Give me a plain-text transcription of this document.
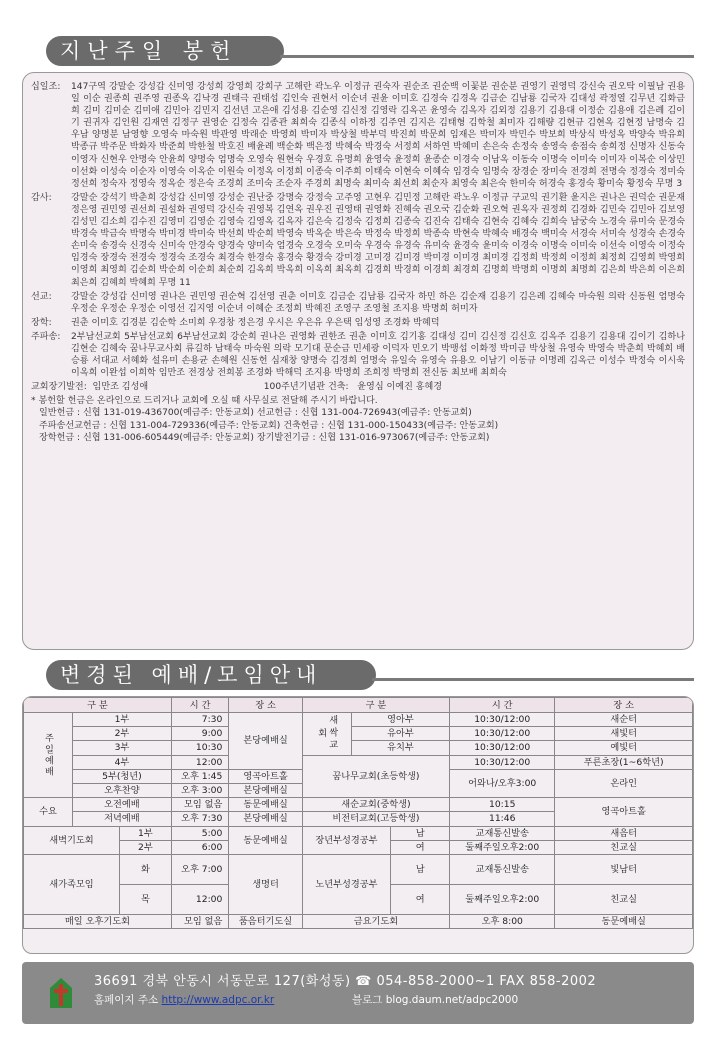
지난주일 봉헌
십일조:	147구역 강말순 강성갑 신미영 강성희 강영희 강희구 고해란 곽노우 이정규 권숙자 권순조 권순백 이꽃분 권순분 권영기 권영덕 강신숙 권오탁 이필남 권용일 이순 권종희 권주영 권종옥 김낙경 권태극 권태섭 김인숙 권현서 이순녀 권윤 이미호 김경숙 김경옥 김금순 김남룡 김국자 김대성 곽정열 김무년 김화금희 김미 김미순 김미애 김민아 김민지 김선년 고은애 김성용 김순영 김신정 김영락 김옥곤 윤영숙 김옥자 김외정 김용기 김용대 이정순 김용애 김은례 김이기 권귀자 김인원 김재연 김정구 권영순 김정숙 김종관 최희숙 김종식 이하정 김주연 김지은 김태형 김학철 최미자 김해량 김현규 김현옥 김현정 남명숙 김우남 양명분 남영향 오영숙 마숙원 박관영 박래순 박영희 박미자 박상철 박부덕 박진희 박문희 임재은 박미자 박민수 박보희 박상식 박성옥 박양숙 박유희 박종규 박주문 박화자 박준희 박한철 박호진 배윤례 백순화 백은정 박혜숙 박경숙 서정희 서하연 박혜미 손은숙 손정숙 송영숙 송점숙 송희정 신명자 신동숙 이영자 신현우 안명숙 안윤희 양명숙 엄명숙 오영숙 원현숙 우경호 유명희 윤영숙 윤정희 윤종순 이경숙 이남옥 이동숙 이명숙 이미숙 이미자 이복순 이상민 이선화 이성숙 이순자 이영숙 이옥순 이원숙 이정옥 이정희 이종숙 이주희 이태숙 이현숙 이혜숙 임경숙 임명숙 장경순 장미숙 전경희 전명숙 정경숙 정미숙 정선희 정숙자 정영숙 정옥순 정은숙 조경희 조미숙 조순자 주경희 최명숙 최미숙 최선희 최순자 최영숙 최은숙 한미숙 허경숙 홍경숙 황미숙 황정숙 무명 3
감사:	강말순 강석기 박춘희 강성갑 신미영 강성순 권난중 강명숙 강정숙 고주영 고현우 김민정 고해란 곽노우 이정규 구교익 권기환 윤지은 권나은 권덕순 권문재 정은영 권민영 권선희 권설화 권영덕 강신숙 권영복 김연옥 권우진 권영태 권영화 진혜숙 권오국 김순화 권오혁 권옥자 권정희 김경화 김민숙 김민아 김보영 김성민 김소희 김수진 김영미 김영순 김영숙 김영옥 김옥자 김은숙 김정숙 김정희 김종숙 김진숙 김태숙 김현숙 김혜숙 김희숙 남궁숙 노경숙 류미숙 문경숙 박경숙 박금숙 박명숙 박미경 박미숙 박선희 박순희 박영숙 박옥순 박은숙 박정숙 박정희 박종숙 박현숙 박혜숙 배경숙 백미숙 서경숙 서미숙 성경숙 손경숙 손미숙 송경숙 신경숙 신미숙 안경숙 양경숙 양미숙 엄경숙 오경숙 오미숙 우경숙 유경숙 유미숙 윤경숙 윤미숙 이경숙 이명숙 이미숙 이선숙 이영숙 이정숙 임경숙 장경숙 전경숙 정경숙 조경숙 최경숙 한경숙 홍경숙 황경숙 강미경 고미경 김미경 박미경 이미경 최미경 김정희 박정희 이정희 최정희 김영희 박영희 이영희 최영희 김순희 박순희 이순희 최순희 김옥희 박옥희 이옥희 최옥희 김경희 박경희 이경희 최경희 김명희 박명희 이명희 최명희 김은희 박은희 이은희 최은희 김혜희 박혜희 무명 11
선교:	강말순 강성갑 신미영 권나은 권민영 권순혁 김선영 권춘 이미호 김금순 김남룡 김국자 하민 하은 김순재 김용기 김은례 김혜숙 마숙원 의락 신동원 엄명숙 우정순 우정순 우정순 이영선 김지영 이순녀 이혜순 조정희 박혜진 조영구 조영철 조지용 박명희 허미자
장학:	권춘 이미호 김경분 김순학 소미희 우경창 정은경 우시은 우은유 우은택 임성영 조경화 박혜덕
주파송:	2부남선교회 5부남선교회 6부남선교회 강순희 권나은 권영화 권한조 권춘 이미호 김기홍 김대성 김미 김신정 김신호 김옥주 김용기 김용대 김이기 김하나 김현순 김혜숙 꿈나무교사회 류길하 남태숙 마숙원 의락 모기대 문순금 민세광 이덕자 민오기 박맹섭 이화정 박미금 박상철 유영숙 박영숙 박춘희 박혜희 배승룡 서대교 서혜화 설유미 손용균 손혜원 신동헌 심재창 양명숙 김경희 엄명숙 유일숙 유영숙 유용오 이남기 이동규 이명례 김옥근 이성수 박정숙 이시욱 이옥희 이완섭 이희학 임만조 전경상 전희봉 조경화 박해덕 조지용 박명희 조희정 박명희 전신동 최보배 최희숙
교회장기발전:  임만조 김성애                                        100주년기념관 건축:   윤영심 이예진 홍혜경
* 봉헌할 헌금은 온라인으로 드리거나 교회에 오실 때 사무실로 전달해 주시기 바랍니다.
일반헌금 : 신협 131-019-436700(예금주: 안동교회) 선교헌금 : 신협 131-004-726943(예금주: 안동교회)
주파송선교헌금 : 신협 131-004-729336(예금주: 안동교회) 건축헌금 : 신협 131-000-150433(예금주: 안동교회)
장학헌금 : 신협 131-006-605449(예금주: 안동교회) 장기발전기금 : 신협 131-016-973067(예금주: 안동교회)
변경된 예배/모임안내
구 분			시 간	장 소	구 분			시 간	장 소
주일예배	1부		7:30	본당예배실	새싹교회	영아부		10:30/12:00	새순터
	2부		9:00			유아부		10:30/12:00	새빛터
	3부		10:30			유치부		10:30/12:00	예빛터
	4부		12:00		꿈나무교회(초등학생)			10:30/12:00	푸른초장(1~6학년)
	5부(청년)		오후 1:45	영곡아트홀				어와나/오후3:00	온라인
	오후찬양		오후 3:00	본당예배실					
수요	오전예배		모임 없음	동문예배실	새순교회(중학생)			10:15	영곡아트홀
	저녁예배		오후 7:30	본당예배실	비전터교회(고등학생)			11:46	
새벽기도회		1부	5:00	동문예배실	장년부성경공부		남	교재통신발송	새음터
		2부	6:00				여	둘째주일오후2:00	친교실
새가족모임		화	오후 7:00	생명터	노년부성경공부		남	교재통신발송	빛남터
		목	12:00				여	둘째주일오후2:00	친교실
매일 오후기도회			모임 없음	품음터기도실	금요기도회			오후 8:00	동문예배실
36691 경북 안동시 서동문로 127(화성동) ☎ 054-858-2000~1 FAX 858-2002
홈페이지 주소 http://www.adpc.or.kr	블로그 blog.daum.net/adpc2000
